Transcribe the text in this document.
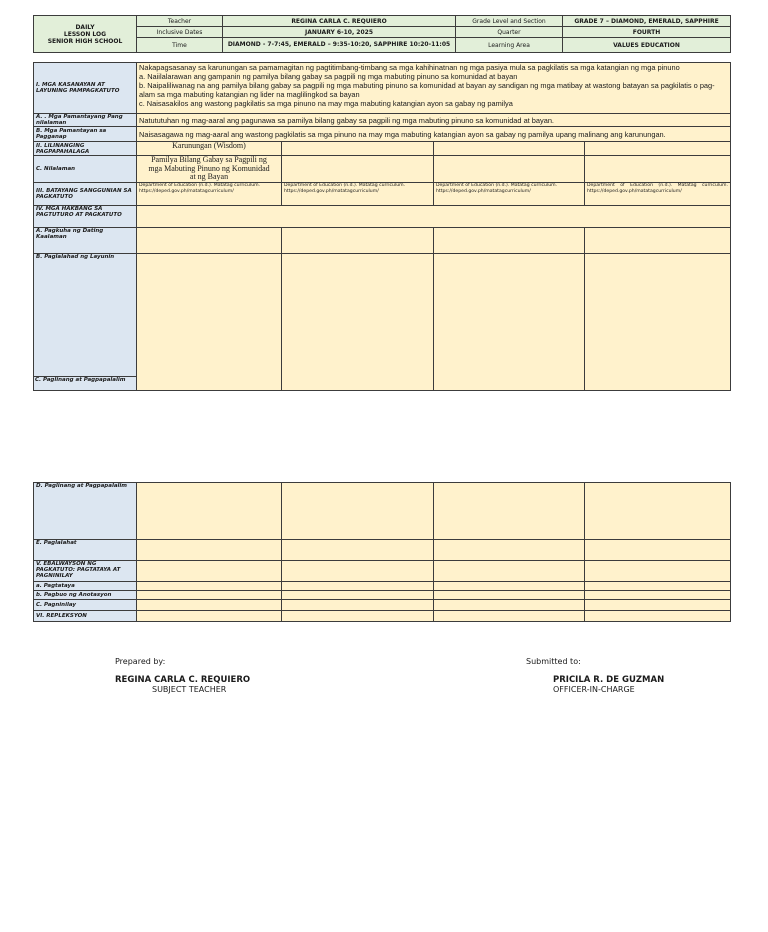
DAILY
LESSON LOG
SENIOR HIGH SCHOOL	Teacher	REGINA CARLA C. REQUIERO	Grade Level and Section	GRADE 7 – DIAMOND, EMERALD, SAPPHIRE
	Inclusive Dates	JANUARY 6-10, 2025	Quarter	FOURTH
	Time	DIAMOND - 7-7:45, EMERALD – 9:35-10:20, SAPPHIRE 10:20-11:05	Learning Area	VALUES EDUCATION
I. MGA KASANAYAN AT LAYUNING PAMPAGKATUTO	Nakapagsasanay sa karunungan sa pamamagitan ng pagtitimbang-timbang sa mga kahihinatnan ng mga pasiya mula sa pagkilatis sa mga katangian ng mga pinuno
a. Naiilalarawan ang gampanin ng pamilya bilang gabay sa pagpili ng mga mabuting pinuno sa komunidad at bayan
b. Naipaliliwanag na ang pamilya bilang gabay sa pagpili ng mga mabuting pinuno sa komunidad at bayan ay sandigan ng mga matibay at wastong batayan sa pagkilatis o pag-alam sa mga mabuting katangian ng lider na maglilingkod sa bayan
c. Naisasakilos ang wastong pagkilatis sa mga pinuno na may mga mabuting katangian ayon sa gabay ng pamilya			

A. . Mga Pamantayang Pang nilalaman	Natututuhan ng mag-aaral ang pagunawa sa pamilya bilang gabay sa pagpili ng mga mabuting pinuno sa komunidad at bayan.			
B. Mga Pamantayan sa Pagganap	Naisasagawa ng mag-aaral ang wastong pagkilatis sa mga pinuno na may mga mabuting katangian ayon sa gabay ng pamilya upang malinang ang karunungan.			
II. LILINANGING PAGPAPAHALAGA	Karunungan (Wisdom)			
C. Nilalaman	Pamilya Bilang Gabay sa Pagpili ng mga Mabuting Pinuno ng Komunidad at ng Bayan			
III. BATAYANG SANGGUNIAN SA PAGKATUTO	Department of Education (n.d.). Matatag curriculum. https://deped.gov.ph/matatagcurriculum/	Department of Education (n.d.). Matatag curriculum. https://deped.gov.ph/matatagcurriculum/	Department of Education (n.d.). Matatag curriculum. https://deped.gov.ph/matatagcurriculum/	Department of Education (n.d.). Matatag curriculum. https://deped.gov.ph/matatagcurriculum/
IV. MGA HAKBANG SA PAGTUTURO AT PAGKATUTO				
A. Pagkuha ng Dating Kaalaman				

B. Paglalahad ng Layunin
C. Paglinang at Pagpapalalim				

D. Paglinang at Pagpapalalim				
E. Paglalahat				
V. EBALWAYSON NG PAGKATUTO: PAGTATAYA AT PAGNINILAY				
a. Pagtataya				
b. Pagbuo ng Anotasyon				
C. Pagninilay				
VI. REPLEKSYON				
Prepared by:
REGINA CARLA C. REQUIERO
SUBJECT TEACHER
Submitted to:
PRICILA R. DE GUZMAN
OFFICER-IN-CHARGE
